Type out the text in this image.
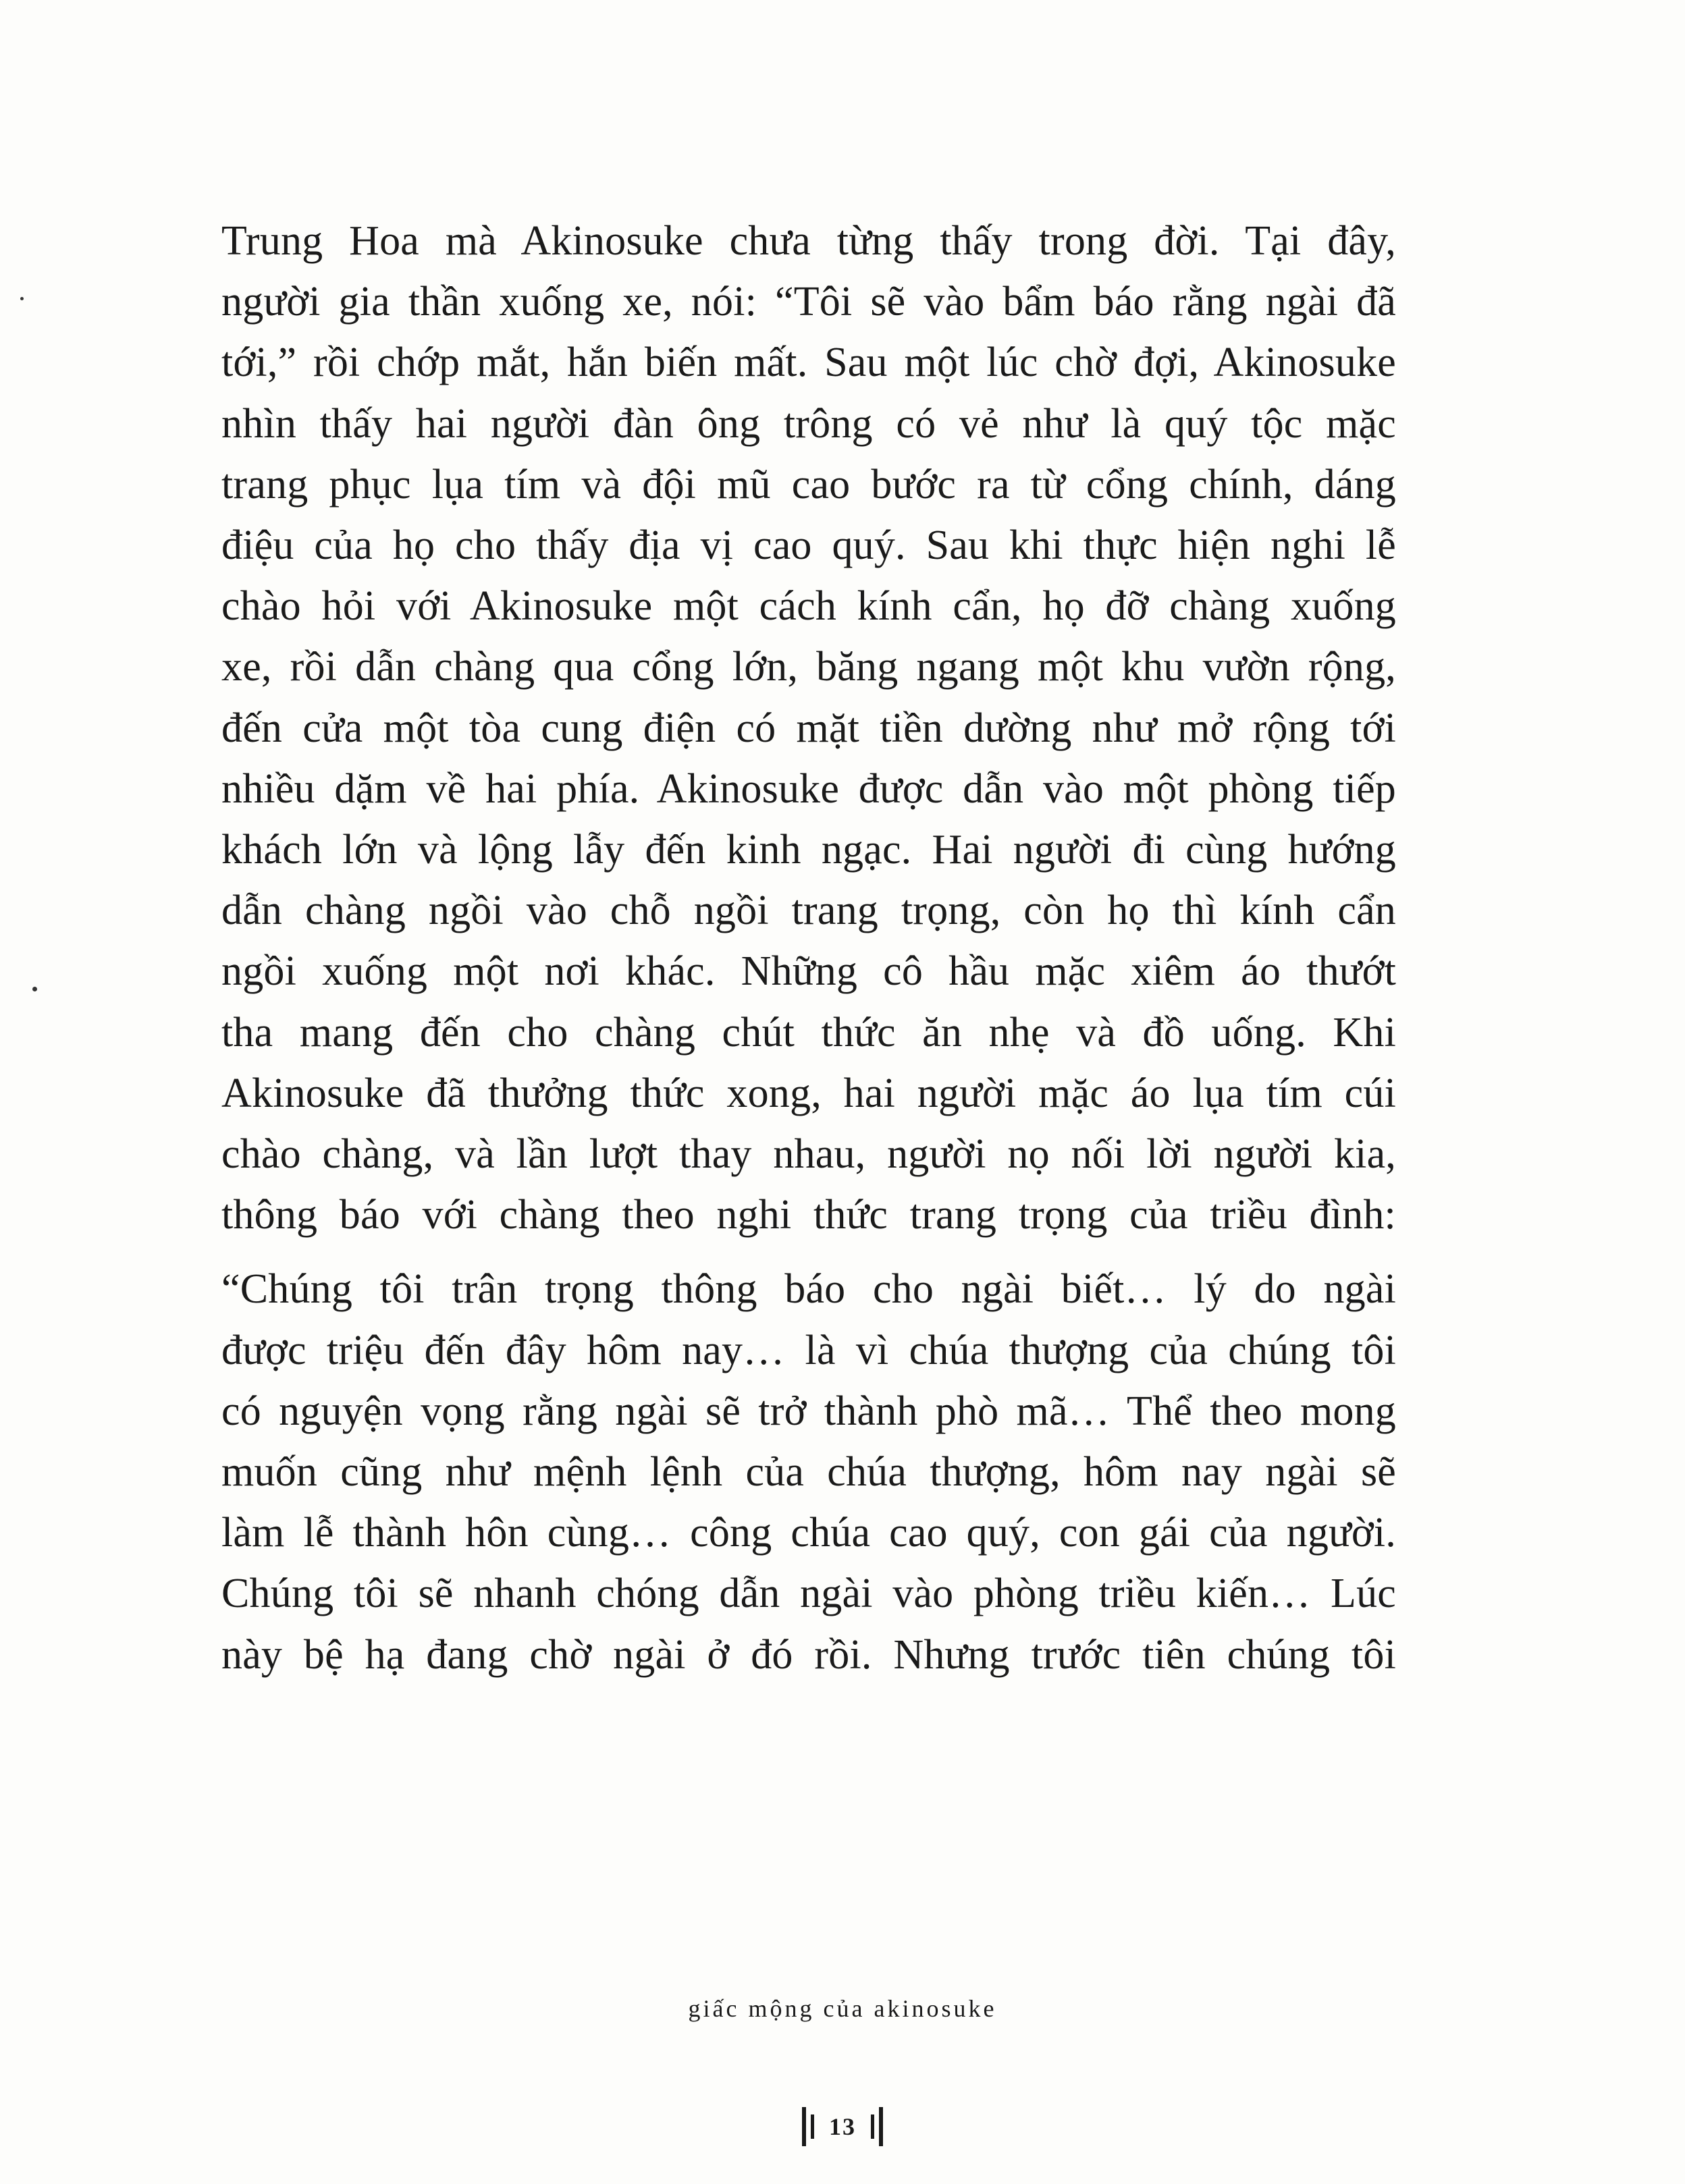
Trung Hoa mà Akinosuke chưa từng thấy trong đời. Tại đây,
người gia thần xuống xe, nói: “Tôi sẽ vào bẩm báo rằng ngài đã
tới,” rồi chớp mắt, hắn biến mất. Sau một lúc chờ đợi, Akinosuke
nhìn thấy hai người đàn ông trông có vẻ như là quý tộc mặc
trang phục lụa tím và đội mũ cao bước ra từ cổng chính, dáng
điệu của họ cho thấy địa vị cao quý. Sau khi thực hiện nghi lễ
chào hỏi với Akinosuke một cách kính cẩn, họ đỡ chàng xuống
xe, rồi dẫn chàng qua cổng lớn, băng ngang một khu vườn rộng,
đến cửa một tòa cung điện có mặt tiền dường như mở rộng tới
nhiều dặm về hai phía. Akinosuke được dẫn vào một phòng tiếp
khách lớn và lộng lẫy đến kinh ngạc. Hai người đi cùng hướng
dẫn chàng ngồi vào chỗ ngồi trang trọng, còn họ thì kính cẩn
ngồi xuống một nơi khác. Những cô hầu mặc xiêm áo thướt
tha mang đến cho chàng chút thức ăn nhẹ và đồ uống. Khi
Akinosuke đã thưởng thức xong, hai người mặc áo lụa tím cúi
chào chàng, và lần lượt thay nhau, người nọ nối lời người kia,
thông báo với chàng theo nghi thức trang trọng của triều đình:
“Chúng tôi trân trọng thông báo cho ngài biết… lý do ngài
được triệu đến đây hôm nay… là vì chúa thượng của chúng tôi
có nguyện vọng rằng ngài sẽ trở thành phò mã… Thể theo mong
muốn cũng như mệnh lệnh của chúa thượng, hôm nay ngài sẽ
làm lễ thành hôn cùng… công chúa cao quý, con gái của người.
Chúng tôi sẽ nhanh chóng dẫn ngài vào phòng triều kiến… Lúc
này bệ hạ đang chờ ngài ở đó rồi. Nhưng trước tiên chúng tôi
giấc mộng của akinosuke
13
